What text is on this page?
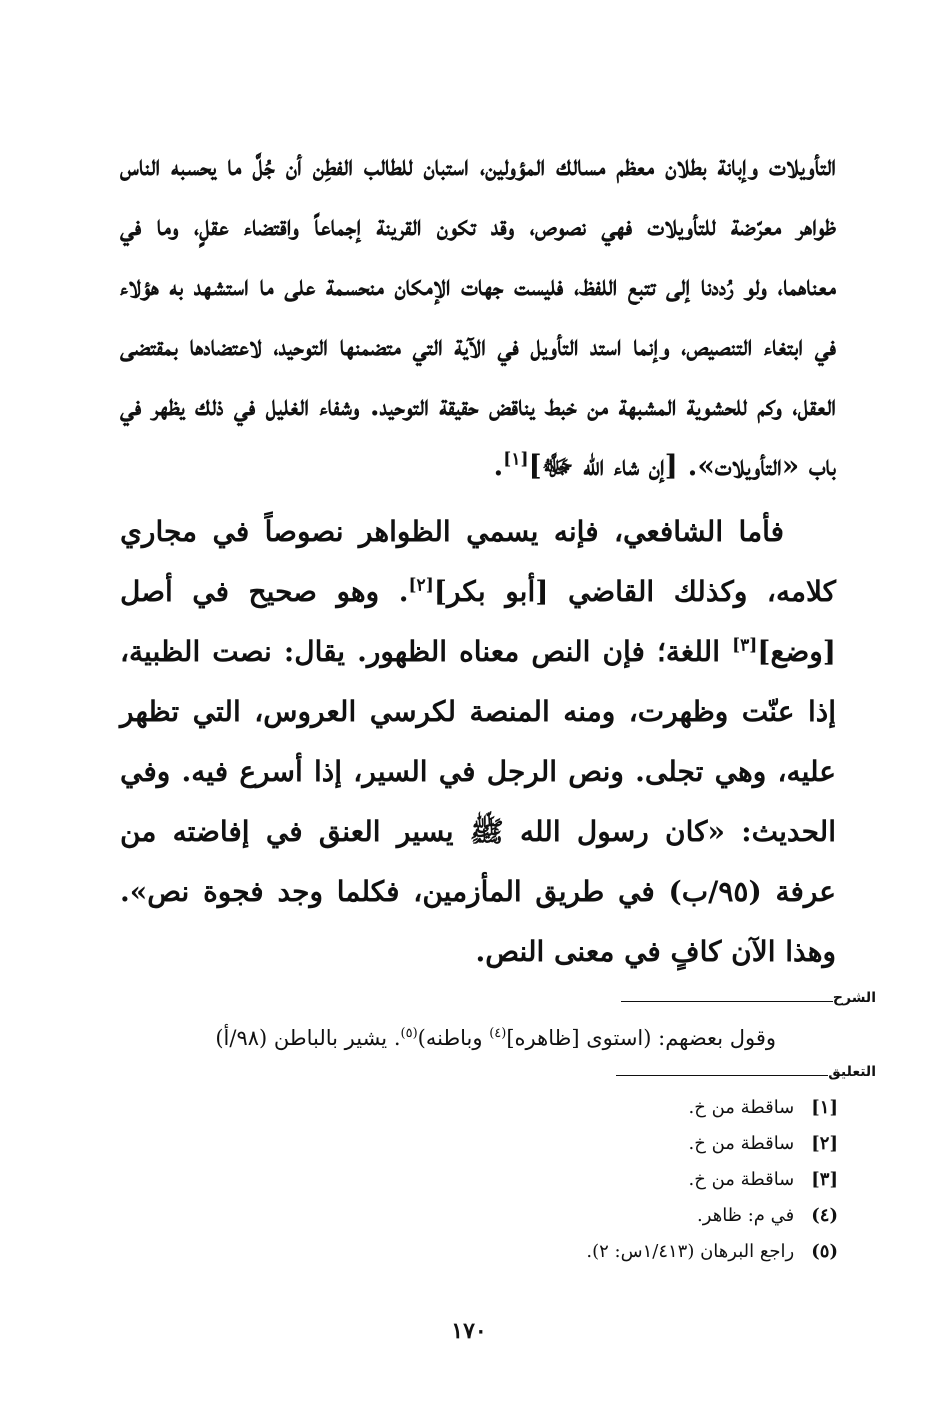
التأويلات وإبانة بطلان معظم مسالك المؤولين، استبان للطالب الفطِن أن جُلَّ ما يحسبه الناس ظواهر معرّضة للتأويلات فهي نصوص، وقد تكون القرينة إجماعاً واقتضاء عقلٍ، وما في معناهما، ولو رُددنا إلى تتبع اللفظ، فليست جهات الإمكان منحسمة على ما استشهد به هؤلاء في ابتغاء التنصيص، وإنما استد التأويل في الآية التي متضمنها التوحيد، لاعتضادها بمقتضى العقل، وكم للحشوية المشبهة من خبط يناقض حقيقة التوحيد. وشفاء الغليل في ذلك يظهر في باب «التأويلات». [إن شاء الله ﷻ][١].

فأما الشافعي، فإنه يسمي الظواهر نصوصاً في مجاري كلامه، وكذلك القاضي [أبو بكر][٢]. وهو صحيح في أصل [وضع][٣] اللغة؛ فإن النص معناه الظهور. يقال: نصت الظبية، إذا عنّت وظهرت، ومنه المنصة لكرسي العروس، التي تظهر عليه، وهي تجلى. ونص الرجل في السير، إذا أسرع فيه. وفي الحديث: «كان رسول الله ﷺ يسير العنق في إفاضته من عرفة (٩٥/ب) في طريق المأزمين، فكلما وجد فجوة نص». وهذا الآن كافٍ في معنى النص.

الشرح
وقول بعضهم: (استوى [ظاهره]$^{(٤)}$ وباطنه)$^{(٥)}$. يشير بالباطن (٩٨/أ)
التعليق
[١] ساقطة من خ.
[٢] ساقطة من خ.
[٣] ساقطة من خ.
(٤) في م: ظاهر.
(٥) راجع البرهان (١/٤١٣س: ٢).
١٧٠
